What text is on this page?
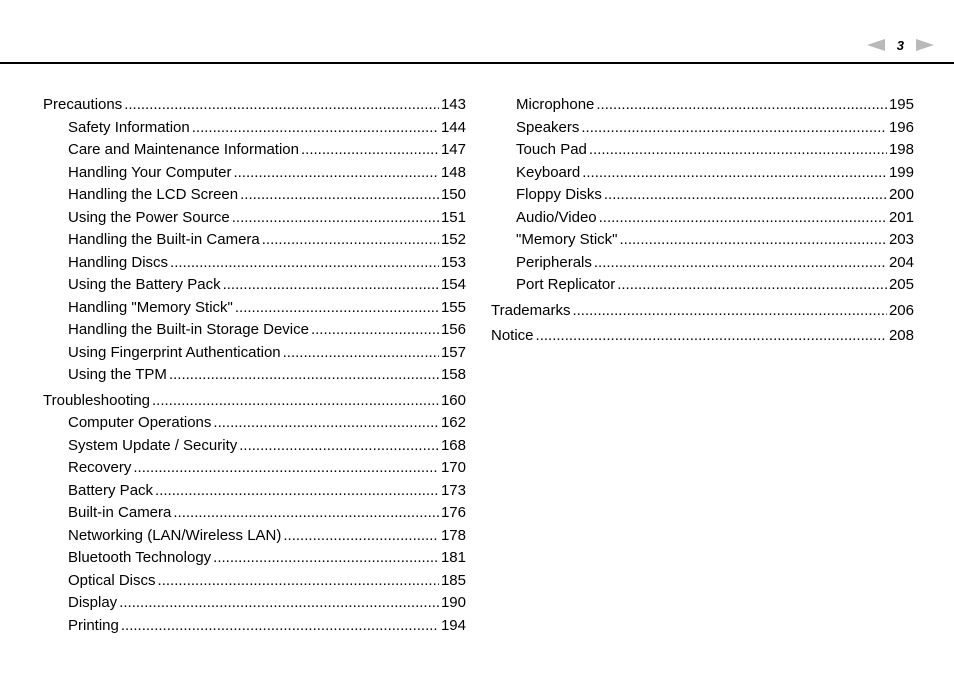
3
Precautions .....	143
Safety Information .....	144
Care and Maintenance Information .....	147
Handling Your Computer .....	148
Handling the LCD Screen .....	150
Using the Power Source .....	151
Handling the Built-in Camera .....	152
Handling Discs .....	153
Using the Battery Pack .....	154
Handling "Memory Stick" .....	155
Handling the Built-in Storage Device .....	156
Using Fingerprint Authentication .....	157
Using the TPM .....	158
Troubleshooting .....	160
Computer Operations .....	162
System Update / Security .....	168
Recovery .....	170
Battery Pack .....	173
Built-in Camera .....	176
Networking (LAN/Wireless LAN) .....	178
Bluetooth Technology .....	181
Optical Discs .....	185
Display .....	190
Printing .....	194
Microphone .....	195
Speakers .....	196
Touch Pad .....	198
Keyboard .....	199
Floppy Disks .....	200
Audio/Video .....	201
"Memory Stick" .....	203
Peripherals .....	204
Port Replicator .....	205
Trademarks .....	206
Notice .....	208
